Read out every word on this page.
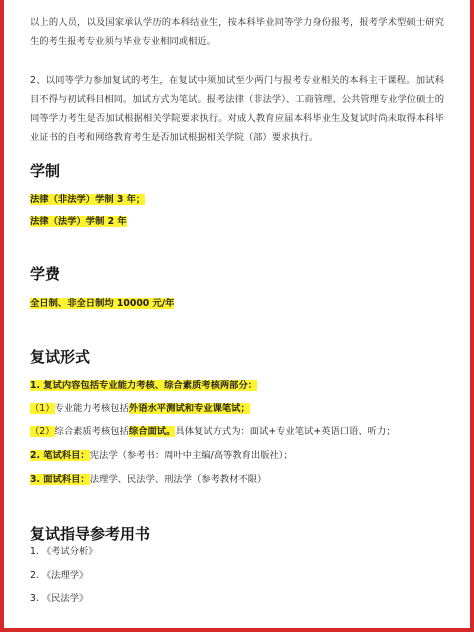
以上的人员，以及国家承认学历的本科结业生，按本科毕业同等学力身份报考，报考学术型硕士研究生的考生报考专业须与毕业专业相同或相近。

2、以同等学力参加复试的考生，在复试中须加试至少两门与报考专业相关的本科主干课程。加试科目不得与初试科目相同。加试方式为笔试。报考法律（非法学）、工商管理、公共管理专业学位硕士的同等学力考生是否加试根据相关学院要求执行。对成人教育应届本科毕业生及复试时尚未取得本科毕业证书的自考和网络教育考生是否加试根据相关学院（部）要求执行。

学制

法律（非法学）学制 3 年；

法律（法学）学制 2 年

学费

全日制、非全日制均 10000 元/年

复试形式

1. 复试内容包括专业能力考核、综合素质考核两部分：

（1）专业能力考核包括外语水平测试和专业课笔试；

（2）综合素质考核包括综合面试。具体复试方式为：面试+专业笔试+英语口语、听力；

2. 笔试科目：宪法学（参考书：周叶中主编/高等教育出版社）；

3. 面试科目：法理学、民法学、刑法学（参考教材不限）

复试指导参考用书

1. 《考试分析》

2. 《法理学》

3. 《民法学》
